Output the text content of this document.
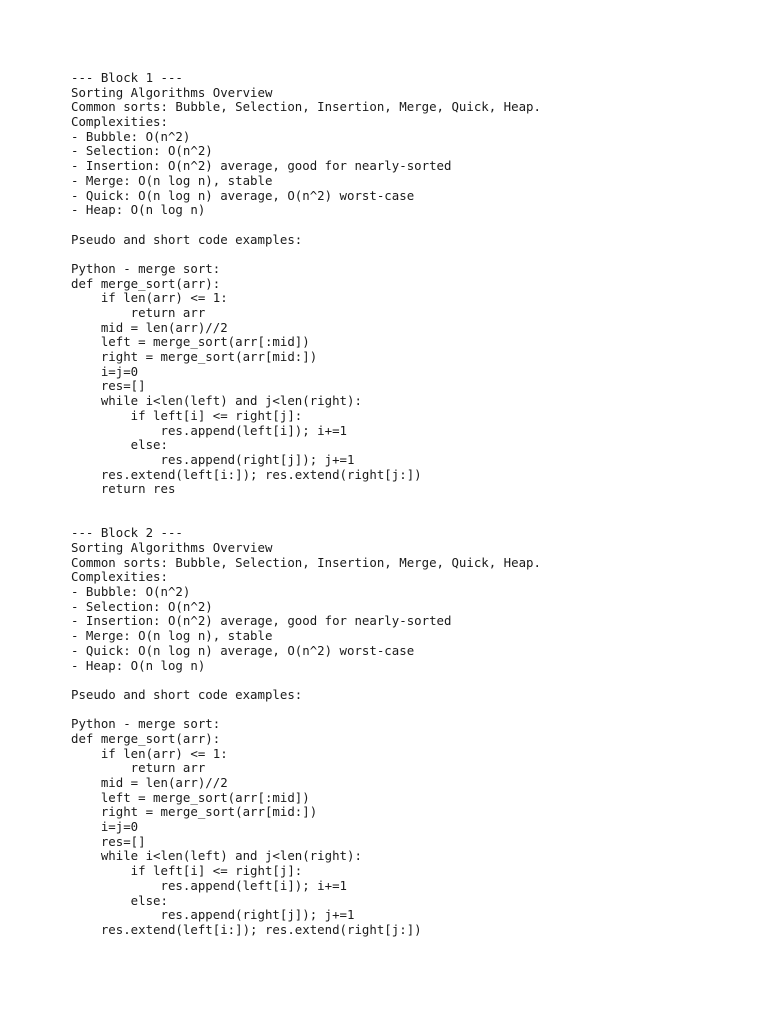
--- Block 1 ---
Sorting Algorithms Overview
Common sorts: Bubble, Selection, Insertion, Merge, Quick, Heap.
Complexities:
- Bubble: O(n^2)
- Selection: O(n^2)
- Insertion: O(n^2) average, good for nearly-sorted
- Merge: O(n log n), stable
- Quick: O(n log n) average, O(n^2) worst-case
- Heap: O(n log n)
Pseudo and short code examples:
Python - merge sort:
def merge_sort(arr):
if len(arr) <= 1:
return arr
mid = len(arr)//2
left = merge_sort(arr[:mid])
right = merge_sort(arr[mid:])
i=j=0
res=[]
while i<len(left) and j<len(right):
if left[i] <= right[j]:
res.append(left[i]); i+=1
else:
res.append(right[j]); j+=1
res.extend(left[i:]); res.extend(right[j:])
return res
--- Block 2 ---
Sorting Algorithms Overview
Common sorts: Bubble, Selection, Insertion, Merge, Quick, Heap.
Complexities:
- Bubble: O(n^2)
- Selection: O(n^2)
- Insertion: O(n^2) average, good for nearly-sorted
- Merge: O(n log n), stable
- Quick: O(n log n) average, O(n^2) worst-case
- Heap: O(n log n)
Pseudo and short code examples:
Python - merge sort:
def merge_sort(arr):
if len(arr) <= 1:
return arr
mid = len(arr)//2
left = merge_sort(arr[:mid])
right = merge_sort(arr[mid:])
i=j=0
res=[]
while i<len(left) and j<len(right):
if left[i] <= right[j]:
res.append(left[i]); i+=1
else:
res.append(right[j]); j+=1
res.extend(left[i:]); res.extend(right[j:])
